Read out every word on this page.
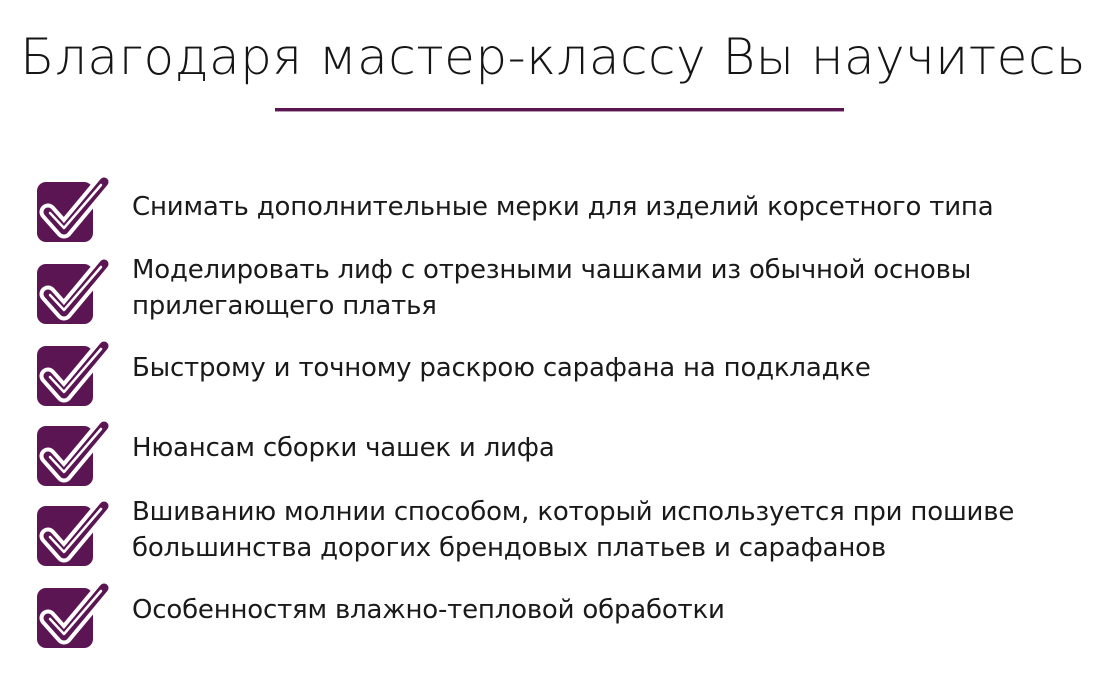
Благодаря мастер-классу Вы научитесь
Снимать дополнительные мерки для изделий корсетного типа
Моделировать лиф с отрезными чашками из обычной основы
прилегающего платья
Быстрому и точному раскрою сарафана на подкладке
Нюансам сборки чашек и лифа
Вшиванию молнии способом, который используется при пошиве
большинства дорогих брендовых платьев и сарафанов
Особенностям влажно-тепловой обработки
